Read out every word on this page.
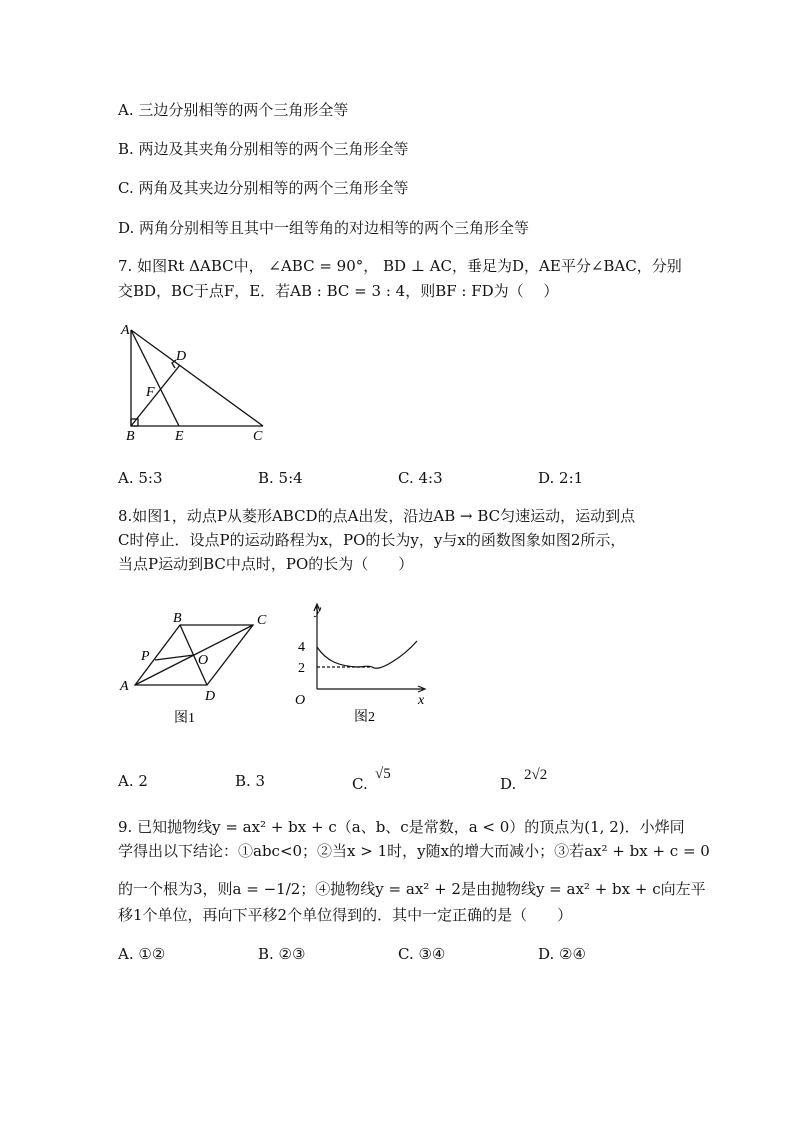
A. 三边分别相等的两个三角形全等
B. 两边及其夹角分别相等的两个三角形全等
C. 两角及其夹边分别相等的两个三角形全等
D. 两角分别相等且其中一组等角的对边相等的两个三角形全等
7. 如图Rt ΔABC中， ∠ABC = 90°， BD ⊥ AC，垂足为D，AE平分∠BAC，分别
交BD，BC于点F，E．若AB : BC = 3 : 4，则BF : FD为（　 ）
A
D
F
B	E	C
A. 5:3	B. 5:4	C. 4:3	D. 2:1
8.如图1，动点P从菱形ABCD的点A出发，沿边AB → BC匀速运动，运动到点
C时停止．设点P的运动路程为x，PO的长为y，y与x的函数图象如图2所示，
当点P运动到BC中点时，PO的长为（　　）
B	C
P	O
A
D
图1
y
4
2
O	x
图2
A. 2	B. 3	C.
√5
D. 2√2
9. 已知抛物线y = ax² + bx + c（a、b、c是常数，a < 0）的顶点为(1, 2)．小烨同
学得出以下结论：①abc<0；②当x > 1时，y随x的增大而减小；③若ax² + bx + c = 0
的一个根为3，则a = −1/2；④抛物线y = ax² + 2是由抛物线y = ax² + bx + c向左平
移1个单位，再向下平移2个单位得到的．其中一定正确的是（　　）
A. ①②	B. ②③	C. ③④	D. ②④
